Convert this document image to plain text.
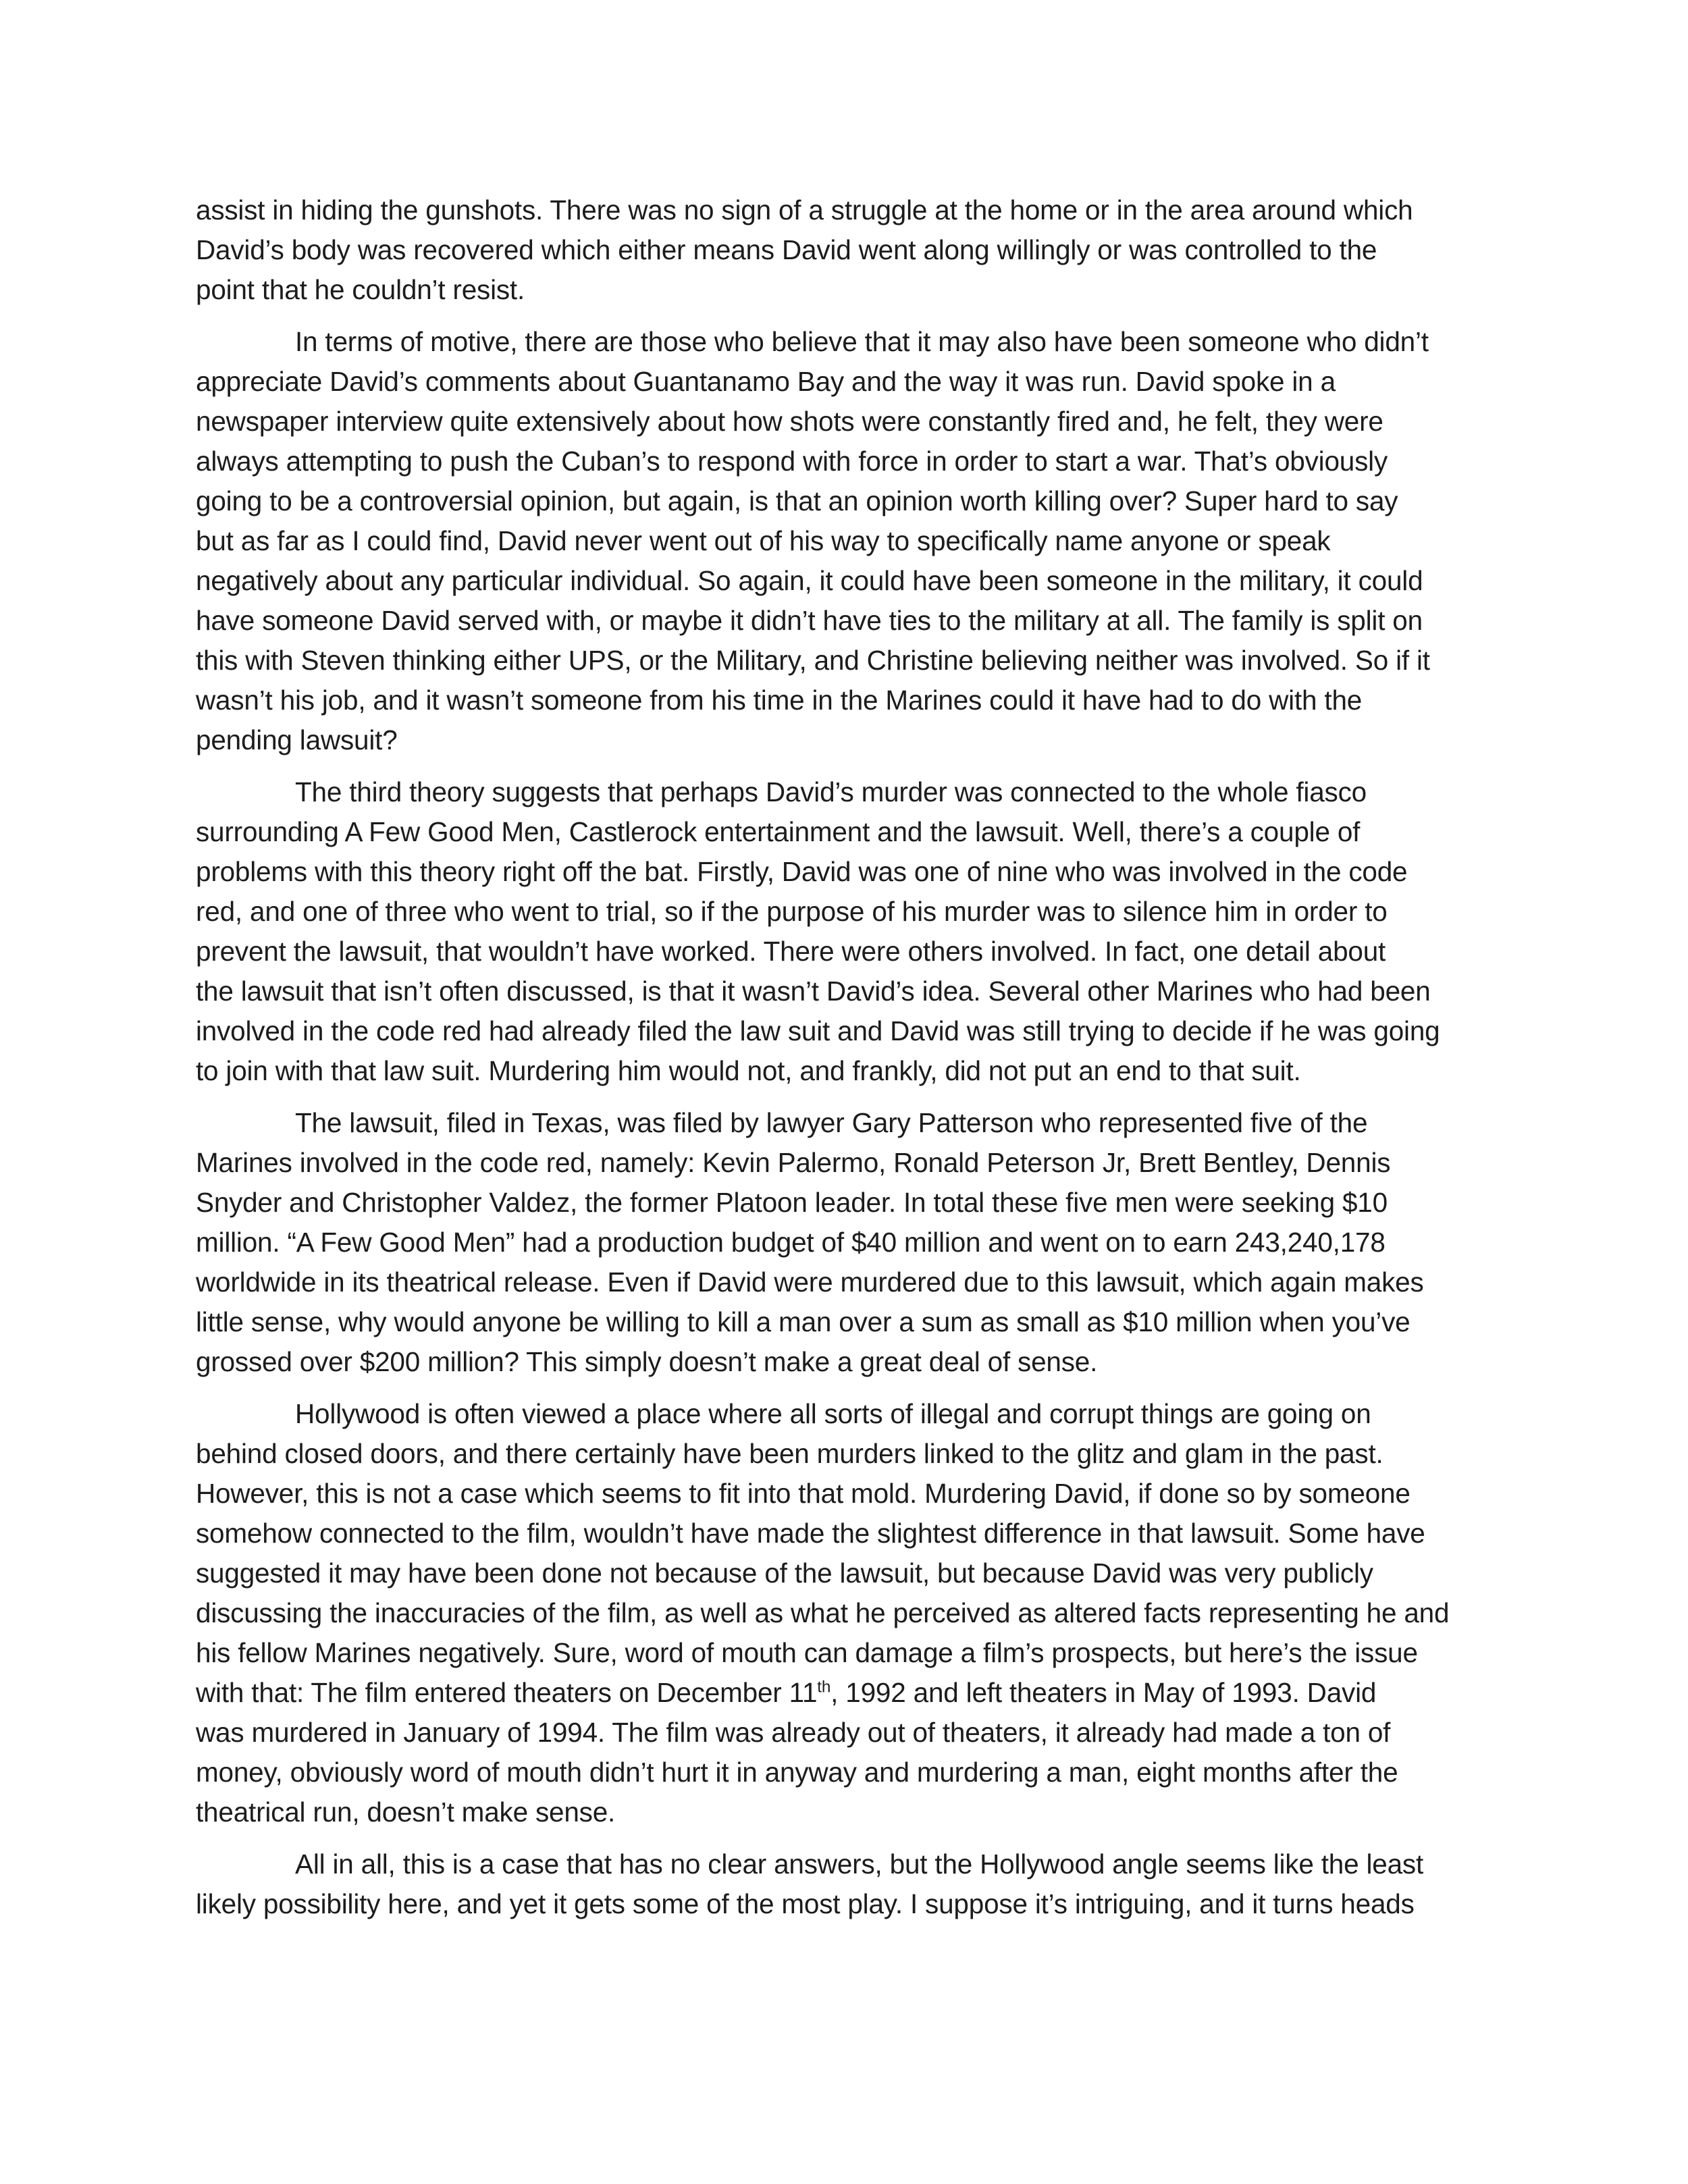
assist in hiding the gunshots. There was no sign of a struggle at the home or in the area around which
David’s body was recovered which either means David went along willingly or was controlled to the
point that he couldn’t resist.
In terms of motive, there are those who believe that it may also have been someone who didn’t
appreciate David’s comments about Guantanamo Bay and the way it was run. David spoke in a
newspaper interview quite extensively about how shots were constantly fired and, he felt, they were
always attempting to push the Cuban’s to respond with force in order to start a war. That’s obviously
going to be a controversial opinion, but again, is that an opinion worth killing over? Super hard to say
but as far as I could find, David never went out of his way to specifically name anyone or speak
negatively about any particular individual. So again, it could have been someone in the military, it could
have someone David served with, or maybe it didn’t have ties to the military at all. The family is split on
this with Steven thinking either UPS, or the Military, and Christine believing neither was involved. So if it
wasn’t his job, and it wasn’t someone from his time in the Marines could it have had to do with the
pending lawsuit?
The third theory suggests that perhaps David’s murder was connected to the whole fiasco
surrounding A Few Good Men, Castlerock entertainment and the lawsuit. Well, there’s a couple of
problems with this theory right off the bat. Firstly, David was one of nine who was involved in the code
red, and one of three who went to trial, so if the purpose of his murder was to silence him in order to
prevent the lawsuit, that wouldn’t have worked. There were others involved. In fact, one detail about
the lawsuit that isn’t often discussed, is that it wasn’t David’s idea. Several other Marines who had been
involved in the code red had already filed the law suit and David was still trying to decide if he was going
to join with that law suit. Murdering him would not, and frankly, did not put an end to that suit.
The lawsuit, filed in Texas, was filed by lawyer Gary Patterson who represented five of the
Marines involved in the code red, namely: Kevin Palermo, Ronald Peterson Jr, Brett Bentley, Dennis
Snyder and Christopher Valdez, the former Platoon leader. In total these five men were seeking $10
million. “A Few Good Men” had a production budget of $40 million and went on to earn 243,240,178
worldwide in its theatrical release. Even if David were murdered due to this lawsuit, which again makes
little sense, why would anyone be willing to kill a man over a sum as small as $10 million when you’ve
grossed over $200 million? This simply doesn’t make a great deal of sense.
Hollywood is often viewed a place where all sorts of illegal and corrupt things are going on
behind closed doors, and there certainly have been murders linked to the glitz and glam in the past.
However, this is not a case which seems to fit into that mold. Murdering David, if done so by someone
somehow connected to the film, wouldn’t have made the slightest difference in that lawsuit. Some have
suggested it may have been done not because of the lawsuit, but because David was very publicly
discussing the inaccuracies of the film, as well as what he perceived as altered facts representing he and
his fellow Marines negatively. Sure, word of mouth can damage a film’s prospects, but here’s the issue
with that: The film entered theaters on December 11th, 1992 and left theaters in May of 1993. David
was murdered in January of 1994. The film was already out of theaters, it already had made a ton of
money, obviously word of mouth didn’t hurt it in anyway and murdering a man, eight months after the
theatrical run, doesn’t make sense.
All in all, this is a case that has no clear answers, but the Hollywood angle seems like the least
likely possibility here, and yet it gets some of the most play. I suppose it’s intriguing, and it turns heads
